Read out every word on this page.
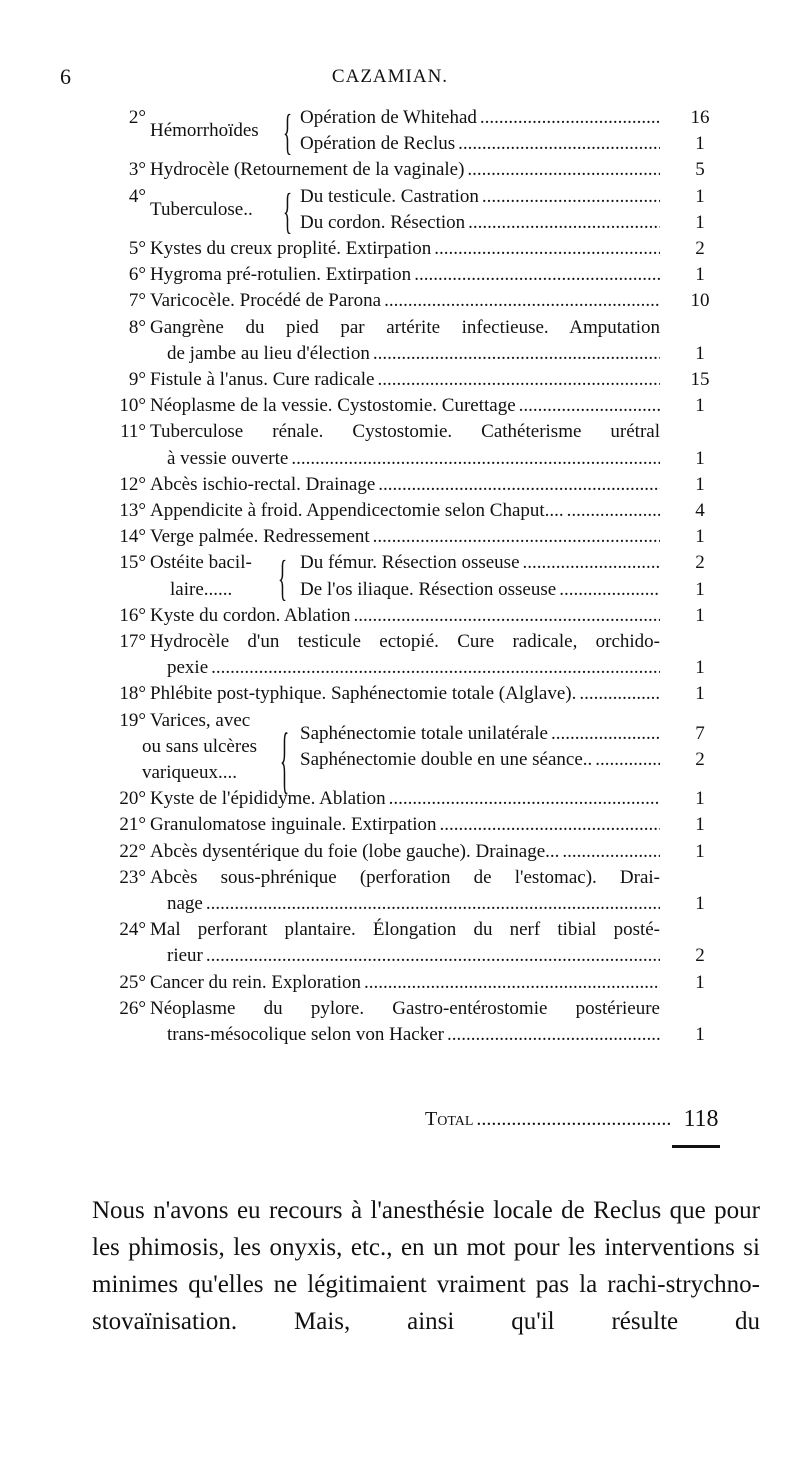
6	CAZAMIAN.
2°
Hémorrhoïdes { Opération de Whitehad .....	16
Opération de Reclus .....	1
3° Hydrocèle (Retournement de la vaginale) .....	5
4°
Tuberculose.. { Du testicule. Castration .....	1
Du cordon. Résection .....	1
5° Kystes du creux proplité. Extirpation .....	2
6° Hygroma pré-rotulien. Extirpation .....	1
7° Varicocèle. Procédé de Parona .....	10
8° Gangrène du pied par artérite infectieuse. Amputation
de jambe au lieu d'élection .....	1
9° Fistule à l'anus. Cure radicale .....	15
10° Néoplasme de la vessie. Cystostomie. Curettage .....	1
11° Tuberculose rénale. Cystostomie. Cathéterisme urétral
à vessie ouverte .....	1
12° Abcès ischio-rectal. Drainage .....	1
13° Appendicite à froid. Appendicectomie selon Chaput.... .....	4
14° Verge palmée. Redressement .....	1
15° Ostéite bacil-
laire...... { Du fémur. Résection osseuse .....	2
De l'os iliaque. Résection osseuse .....	1
16° Kyste du cordon. Ablation .....	1
17° Hydrocèle d'un testicule ectopié. Cure radicale, orchido-
pexie .....	1
18° Phlébite post-typhique. Saphénectomie totale (Alglave). .....	1
19° Varices, avec
ou sans ulcères
variqueux.... { Saphénectomie totale unilatérale .....	7
Saphénectomie double en une séance.. .....	2
20° Kyste de l'épididyme. Ablation .....	1
21° Granulomatose inguinale. Extirpation .....	1
22° Abcès dysentérique du foie (lobe gauche). Drainage... .....	1
23° Abcès sous-phrénique (perforation de l'estomac). Drai-
nage .....	1
24° Mal perforant plantaire. Élongation du nerf tibial posté-
rieur .....	2
25° Cancer du rein. Exploration .....	1
26° Néoplasme du pylore. Gastro-entérostomie postérieure
trans-mésocolique selon von Hacker .....	1
Total .....	118
Nous n'avons eu recours à l'anesthésie locale de Reclus que pour les phimosis, les onyxis, etc., en un mot pour les interventions si minimes qu'elles ne légitimaient vraiment pas la rachi-strychno-stovaïnisation. Mais, ainsi qu'il résulte du
